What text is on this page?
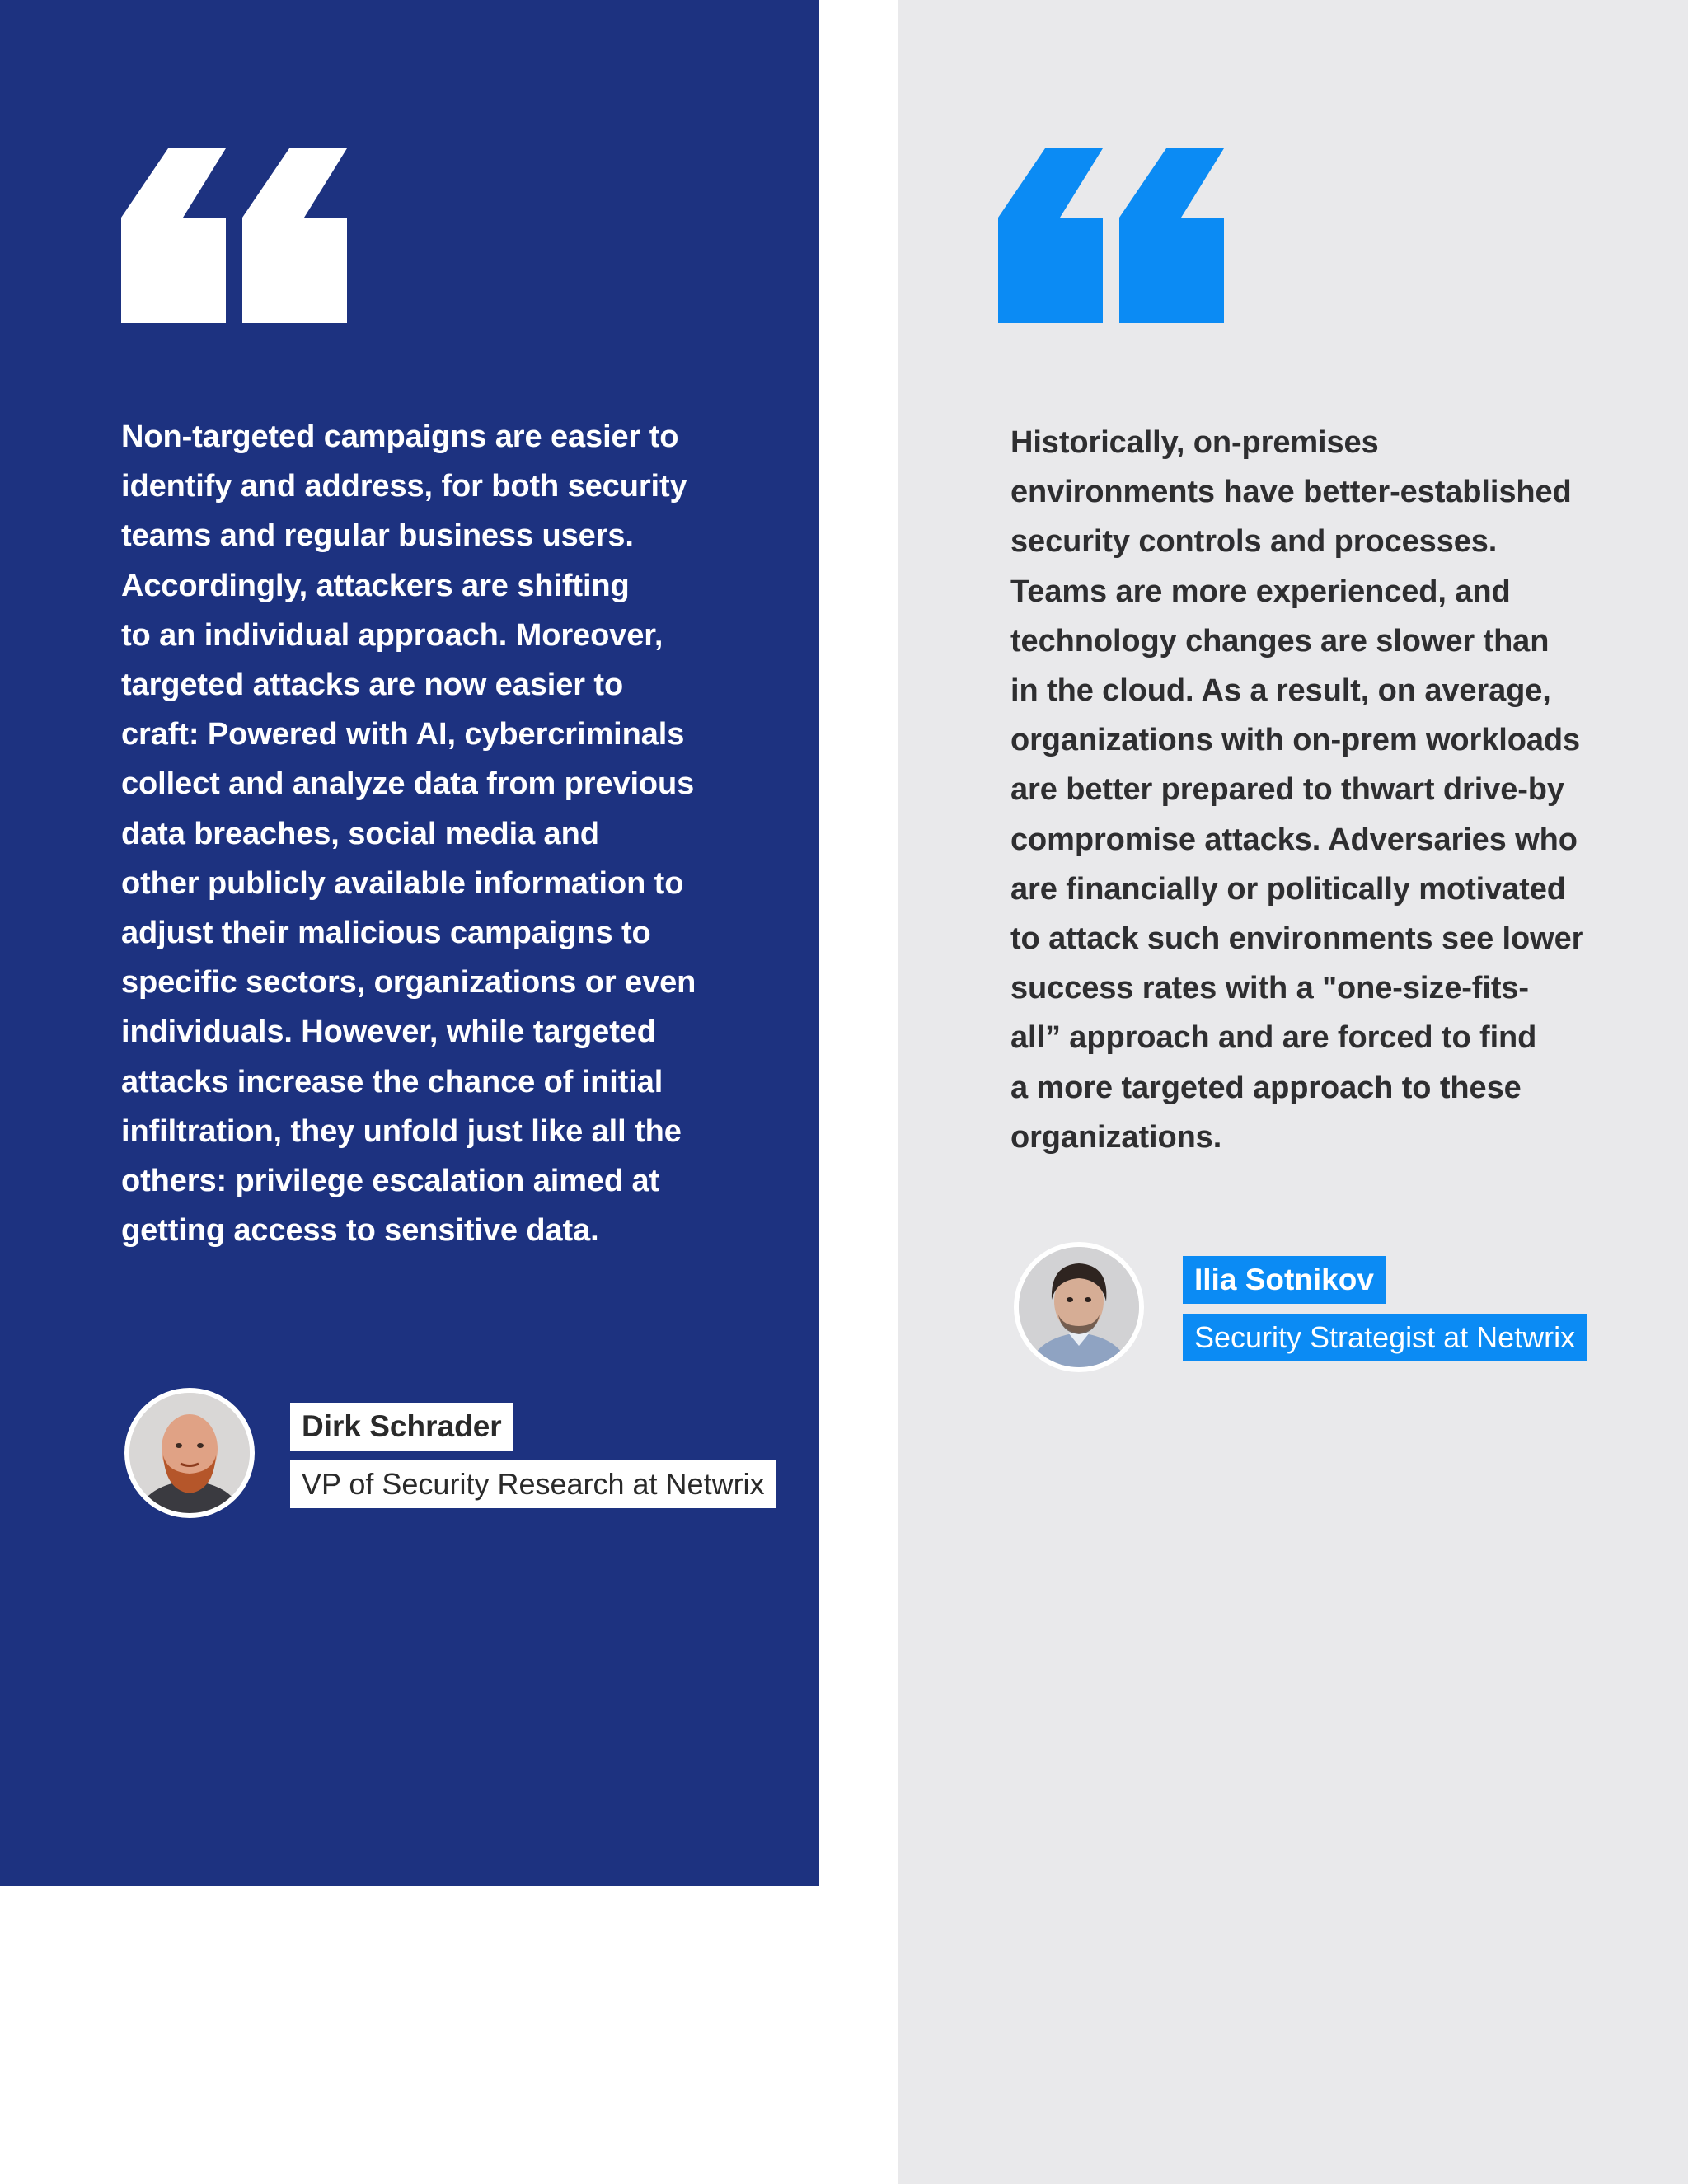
Non-targeted campaigns are easier to
identify and address, for both security
teams and regular business users.
Accordingly, attackers are shifting
to an individual approach. Moreover,
targeted attacks are now easier to
craft: Powered with AI, cybercriminals
collect and analyze data from previous
data breaches, social media and
other publicly available information to
adjust their malicious campaigns to
specific sectors, organizations or even
individuals. However, while targeted
attacks increase the chance of initial
infiltration, they unfold just like all the
others: privilege escalation aimed at
getting access to sensitive data.

Historically, on-premises
environments have better-established
security controls and processes.
Teams are more experienced, and
technology changes are slower than
in the cloud. As a result, on average,
organizations with on-prem workloads
are better prepared to thwart drive-by
compromise attacks. Adversaries who
are financially or politically motivated
to attack such environments see lower
success rates with a "one-size-fits-
all” approach and are forced to find
a more targeted approach to these
organizations.

Dirk Schrader
VP of Security Research at Netwrix
Ilia Sotnikov
Security Strategist at Netwrix
